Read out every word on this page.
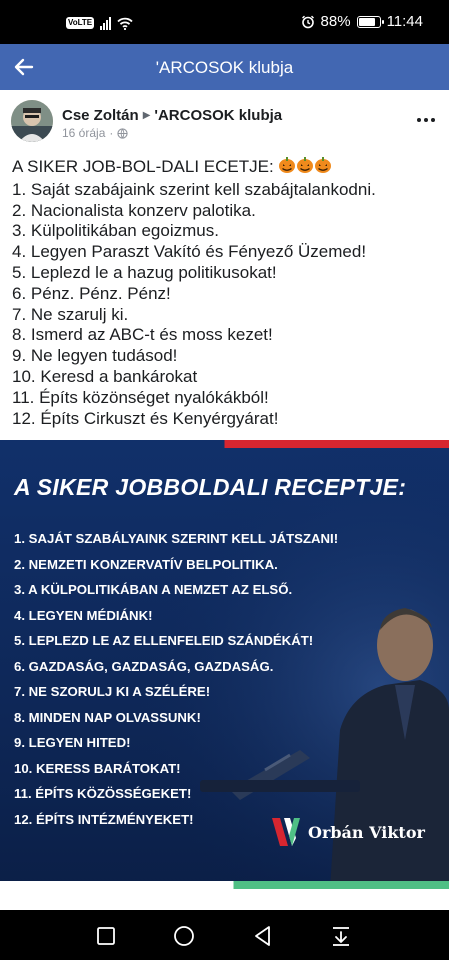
VoLTE	88% 11:44
'ARCOSOK klubja
Cse Zoltán ▶ 'ARCOSOK klubja
16 órája ·
A SIKER JOB-BOL-DALI ECETJE:
1. Saját szabájaink szerint kell szabájtalankodni.
2. Nacionalista konzerv palotika.
3. Külpolitikában egoizmus.
4. Legyen Paraszt Vakító és Fényező Üzemed!
5. Leplezd le a hazug politikusokat!
6. Pénz. Pénz. Pénz!
7. Ne szarulj ki.
8. Ismerd az ABC-t és moss kezet!
9. Ne legyen tudásod!
10. Keresd a bankárokat
11. Építs közönséget nyalókákból!
12. Építs Cirkuszt és Kenyérgyárat!
A SIKER JOBBOLDALI RECEPTJE:
1. SAJÁT SZABÁLYAINK SZERINT KELL JÁTSZANI!
2. NEMZETI KONZERVATÍV BELPOLITIKA.
3. A KÜLPOLITIKÁBAN A NEMZET AZ ELSŐ.
4. LEGYEN MÉDIÁNK!
5. LEPLEZD LE AZ ELLENFELEID SZÁNDÉKÁT!
6. GAZDASÁG, GAZDASÁG, GAZDASÁG.
7. NE SZORULJ KI A SZÉLÉRE!
8. MINDEN NAP OLVASSUNK!
9. LEGYEN HITED!
10. KERESS BARÁTOKAT!
11. ÉPÍTS KÖZÖSSÉGEKET!
12. ÉPÍTS INTÉZMÉNYEKET!
Orbán Viktor
